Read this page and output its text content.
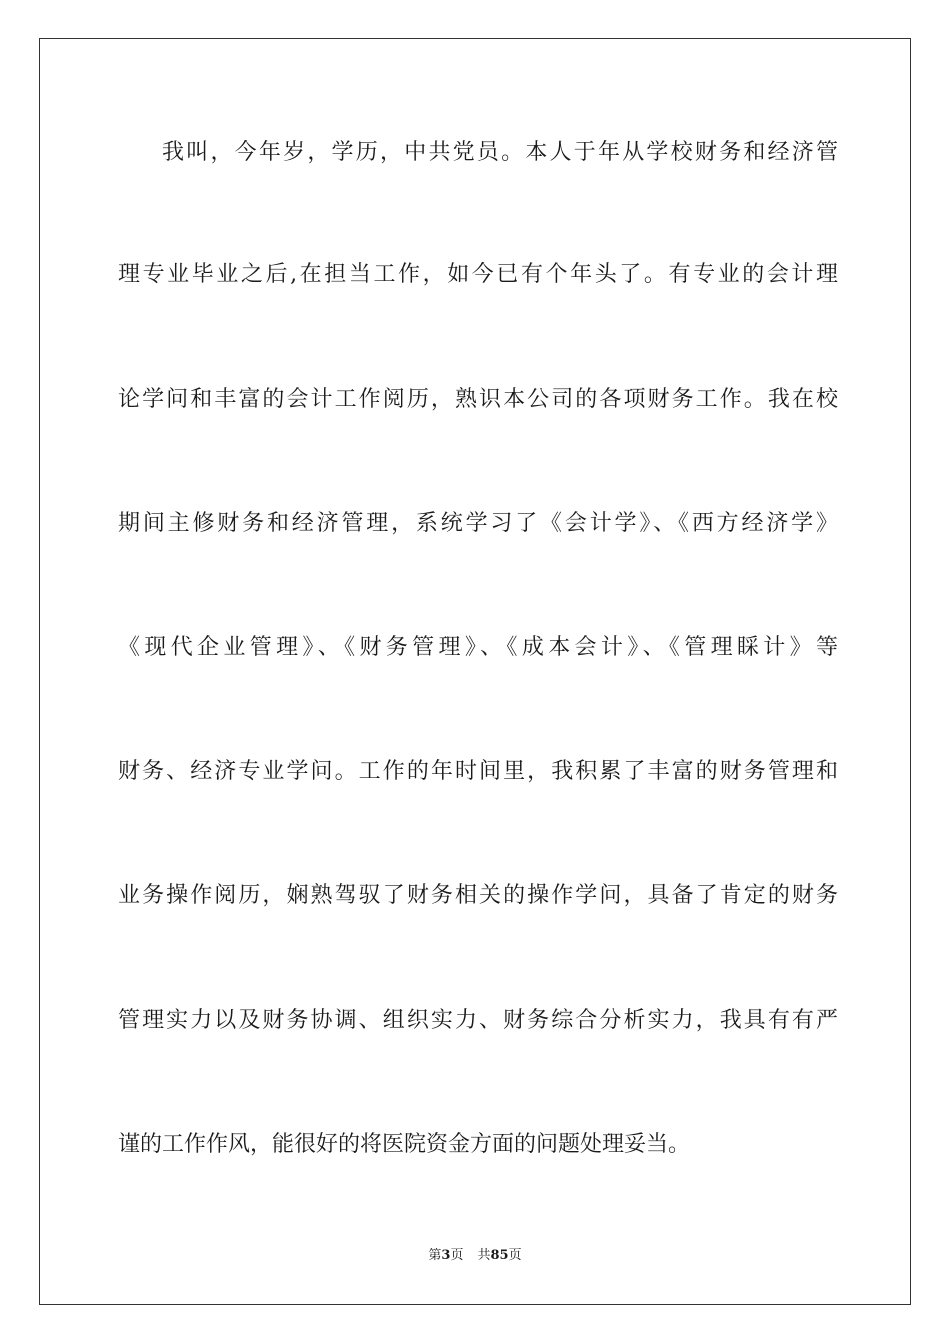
我叫，今年岁，学历，中共党员。本人于年从学校财务和经济管
理专业毕业之后,在担当工作，如今已有个年头了。有专业的会计理
论学问和丰富的会计工作阅历，熟识本公司的各项财务工作。我在校
期间主修财务和经济管理，系统学习了《会计学》、《西方经济学》
《现代企业管理》、《财务管理》、《成本会计》、《管理睬计》等
财务、经济专业学问。工作的年时间里，我积累了丰富的财务管理和
业务操作阅历，娴熟驾驭了财务相关的操作学问，具备了肯定的财务
管理实力以及财务协调、组织实力、财务综合分析实力，我具有有严
谨的工作作风，能很好的将医院资金方面的问题处理妥当。
第3页 共85页
